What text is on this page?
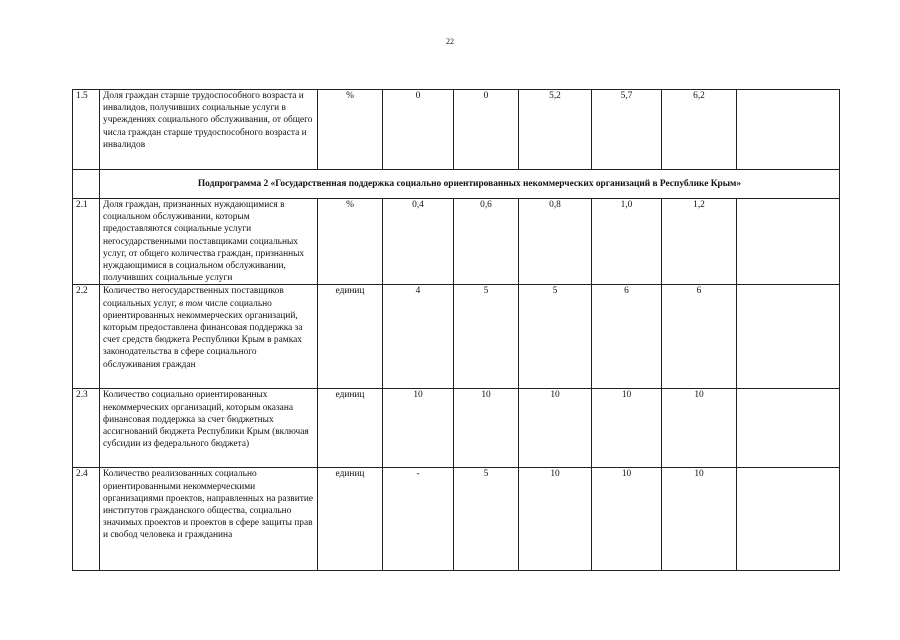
22
1.5	Доля граждан старше трудоспособного возраста и инвалидов, получивших социальные услуги в учреждениях социального обслуживания, от общего числа граждан старше трудоспособного возраста и инвалидов	%	0	0	5,2	5,7	6,2	
	Подпрограмма 2 «Государственная поддержка социально ориентированных некоммерческих организаций в Республике Крым»							
2.1	Доля граждан, признанных нуждающимися в социальном обслуживании, которым предоставляются социальные услуги негосударственными поставщиками социальных услуг, от общего количества граждан, признанных нуждающимися в социальном обслуживании, получивших социальные услуги	%	0,4	0,6	0,8	1,0	1,2	
2.2	Количество негосударственных поставщиков социальных услуг, в том числе социально ориентированных некоммерческих организаций, которым предоставлена финансовая поддержка за счет средств бюджета Республики Крым в рамках законодательства в сфере социального обслуживания граждан	единиц	4	5	5	6	6	
2.3	Количество социально ориентированных некоммерческих организаций, которым оказана финансовая поддержка за счет бюджетных ассигнований бюджета Республики Крым (включая субсидии из федерального бюджета)	единиц	10	10	10	10	10	
2.4	Количество реализованных социально ориентированными некоммерческими организациями проектов, направленных на развитие институтов гражданского общества, социально значимых проектов и проектов в сфере защиты прав и свобод человека и гражданина	единиц	-	5	10	10	10	
